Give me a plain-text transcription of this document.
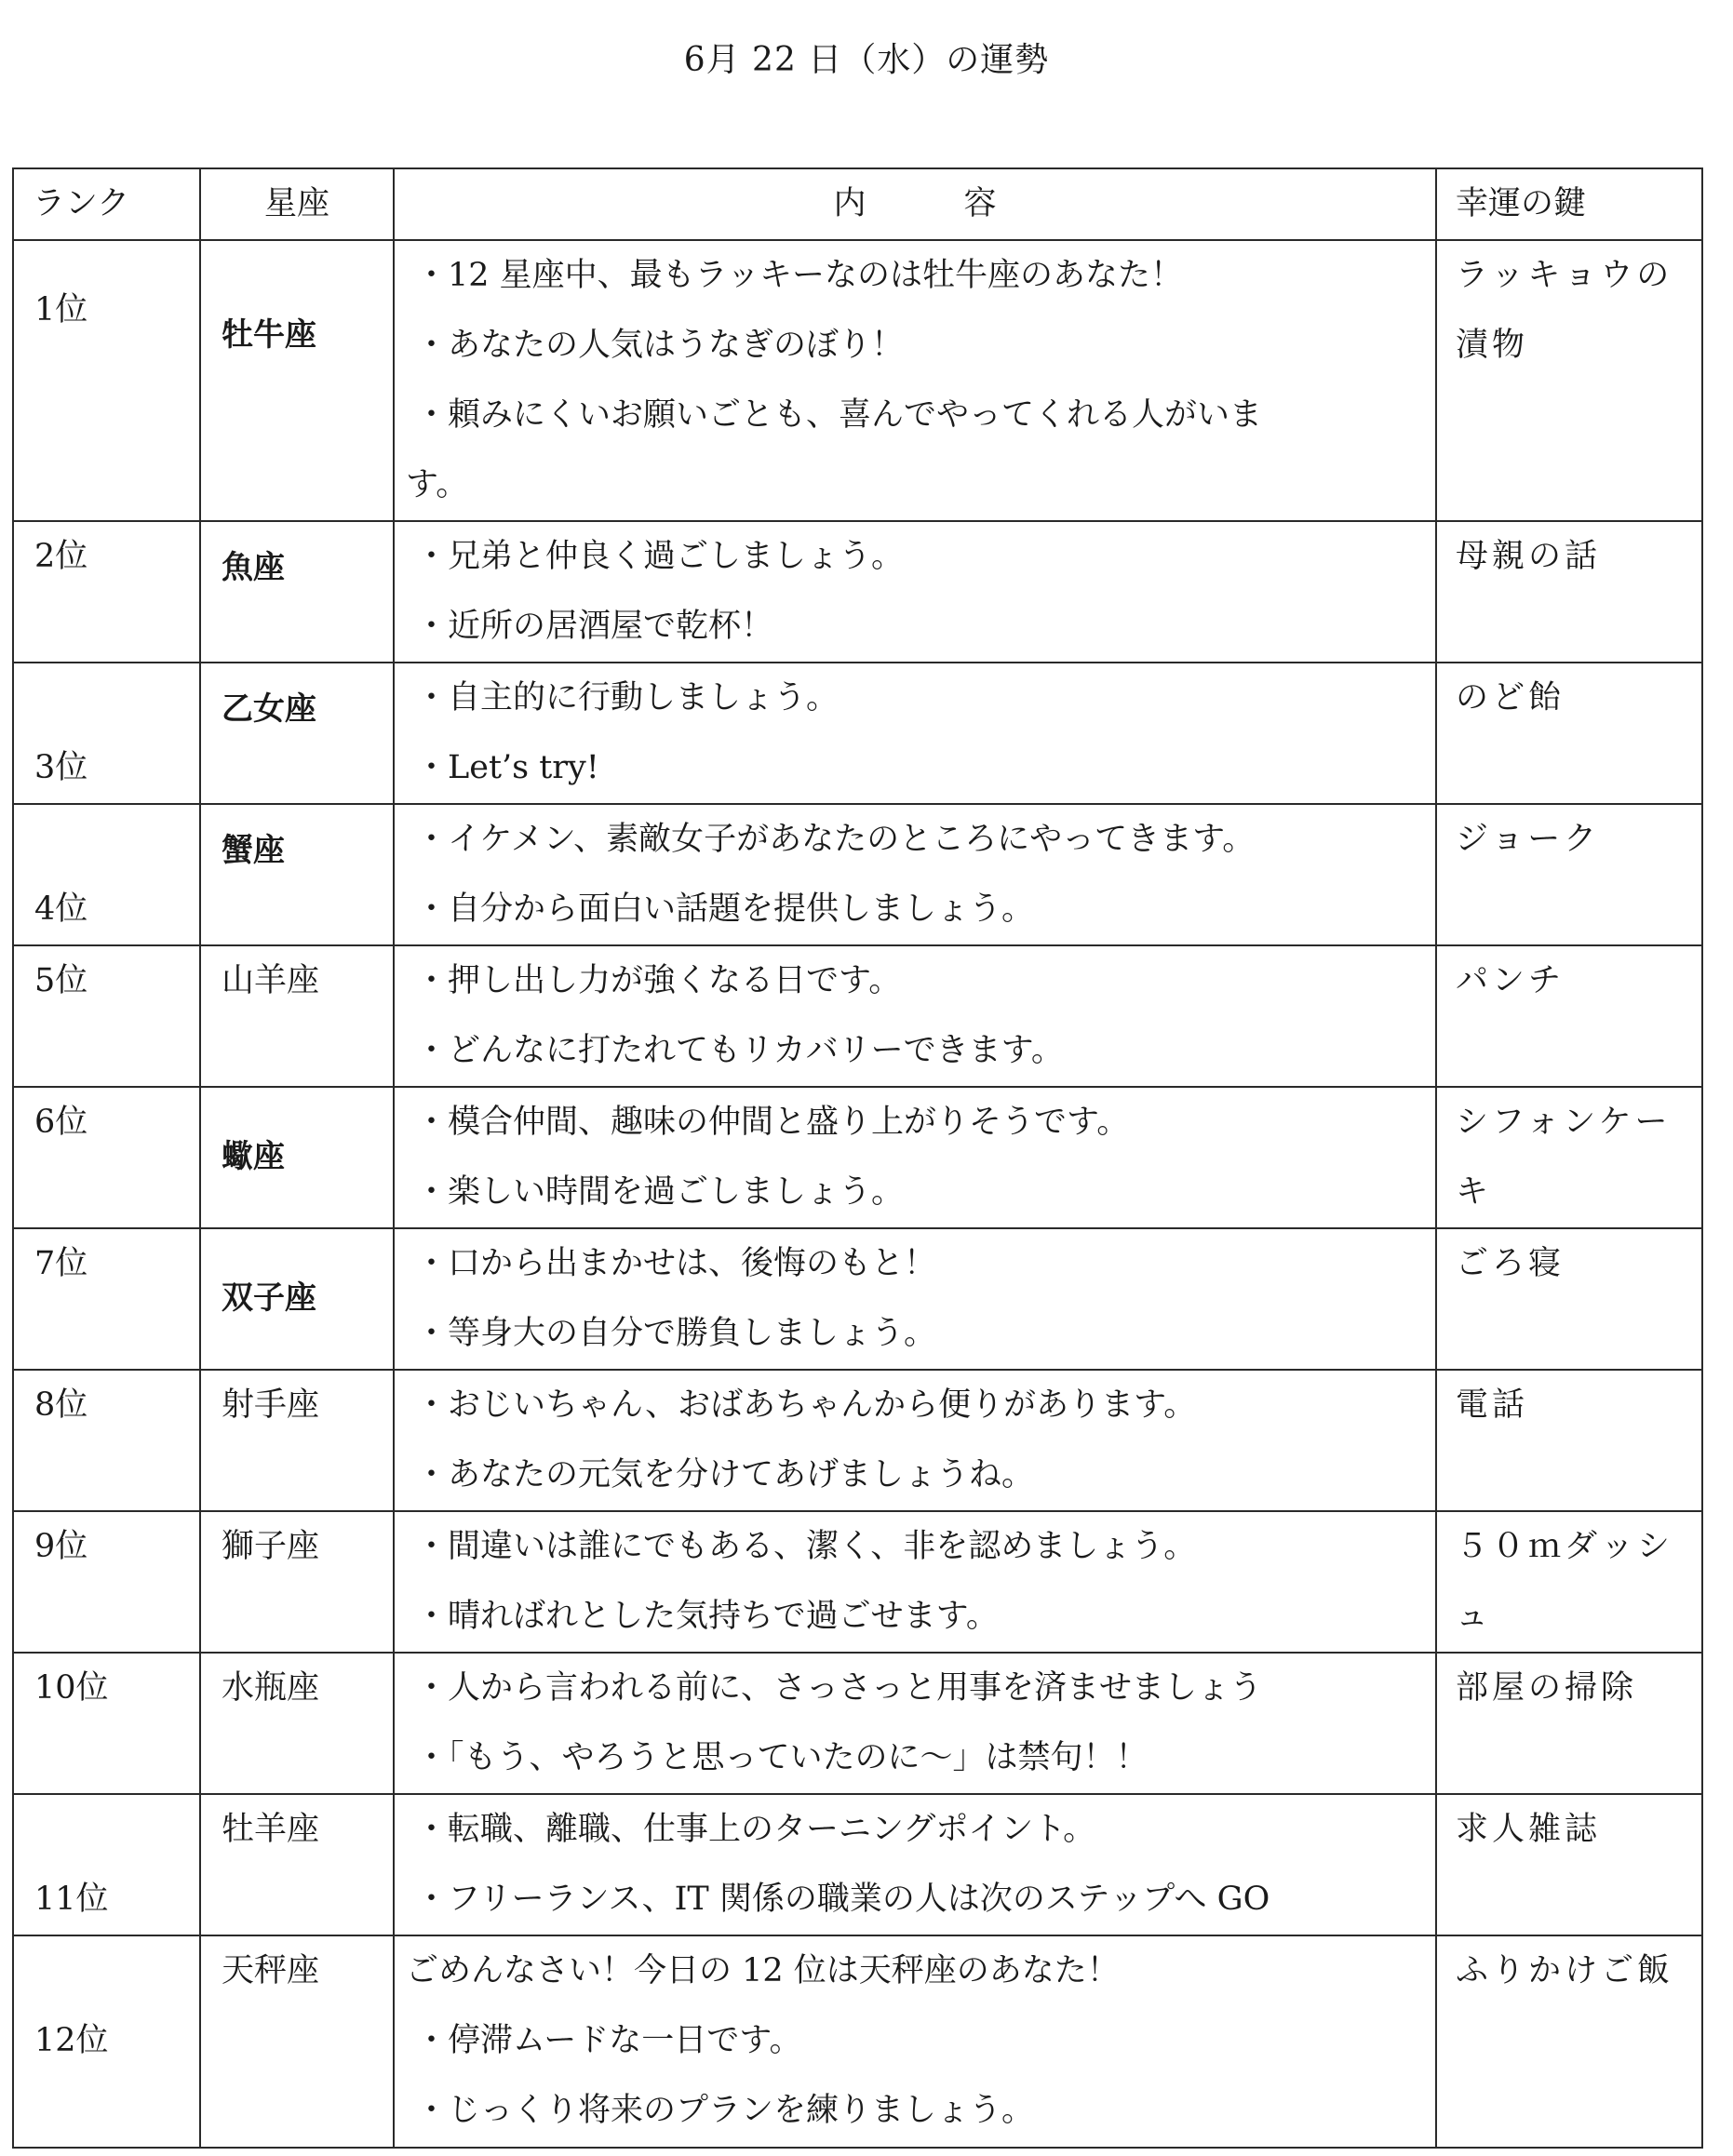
6月 22 日（水）の運勢
ランク	星座	内　　　容	幸運の鍵

1位	牡牛座	・12 星座中、最もラッキーなのは牡牛座のあなた！
・あなたの人気はうなぎのぼり！
・頼みにくいお願いごとも、喜んでやってくれる人がいま
す。	ラッキョウの漬物

2位	魚座	・兄弟と仲良く過ごしましょう。
・近所の居酒屋で乾杯！	母親の話

3位	乙女座	・自主的に行動しましょう。
・Let’s try!	のど飴

4位	蟹座	・イケメン、素敵女子があなたのところにやってきます。
・自分から面白い話題を提供しましょう。	ジョーク

5位	山羊座	・押し出し力が強くなる日です。
・どんなに打たれてもリカバリーできます。	パンチ

6位	蠍座	・模合仲間、趣味の仲間と盛り上がりそうです。
・楽しい時間を過ごしましょう。	シフォンケーキ

7位	双子座	・口から出まかせは、後悔のもと！
・等身大の自分で勝負しましょう。	ごろ寝

8位	射手座	・おじいちゃん、おばあちゃんから便りがあります。
・あなたの元気を分けてあげましょうね。	電話

9位	獅子座	・間違いは誰にでもある、潔く、非を認めましょう。
・晴ればれとした気持ちで過ごせます。	５０ｍダッシュ

10位	水瓶座	・人から言われる前に、さっさっと用事を済ませましょう
・「もう、やろうと思っていたのに～」は禁句！！	部屋の掃除

11位	牡羊座	・転職、離職、仕事上のターニングポイント。
・フリーランス、IT 関係の職業の人は次のステップへ GO	求人雑誌

12位	天秤座	ごめんなさい！今日の 12 位は天秤座のあなた！
・停滞ムードな一日です。
・じっくり将来のプランを練りましょう。	ふりかけご飯
